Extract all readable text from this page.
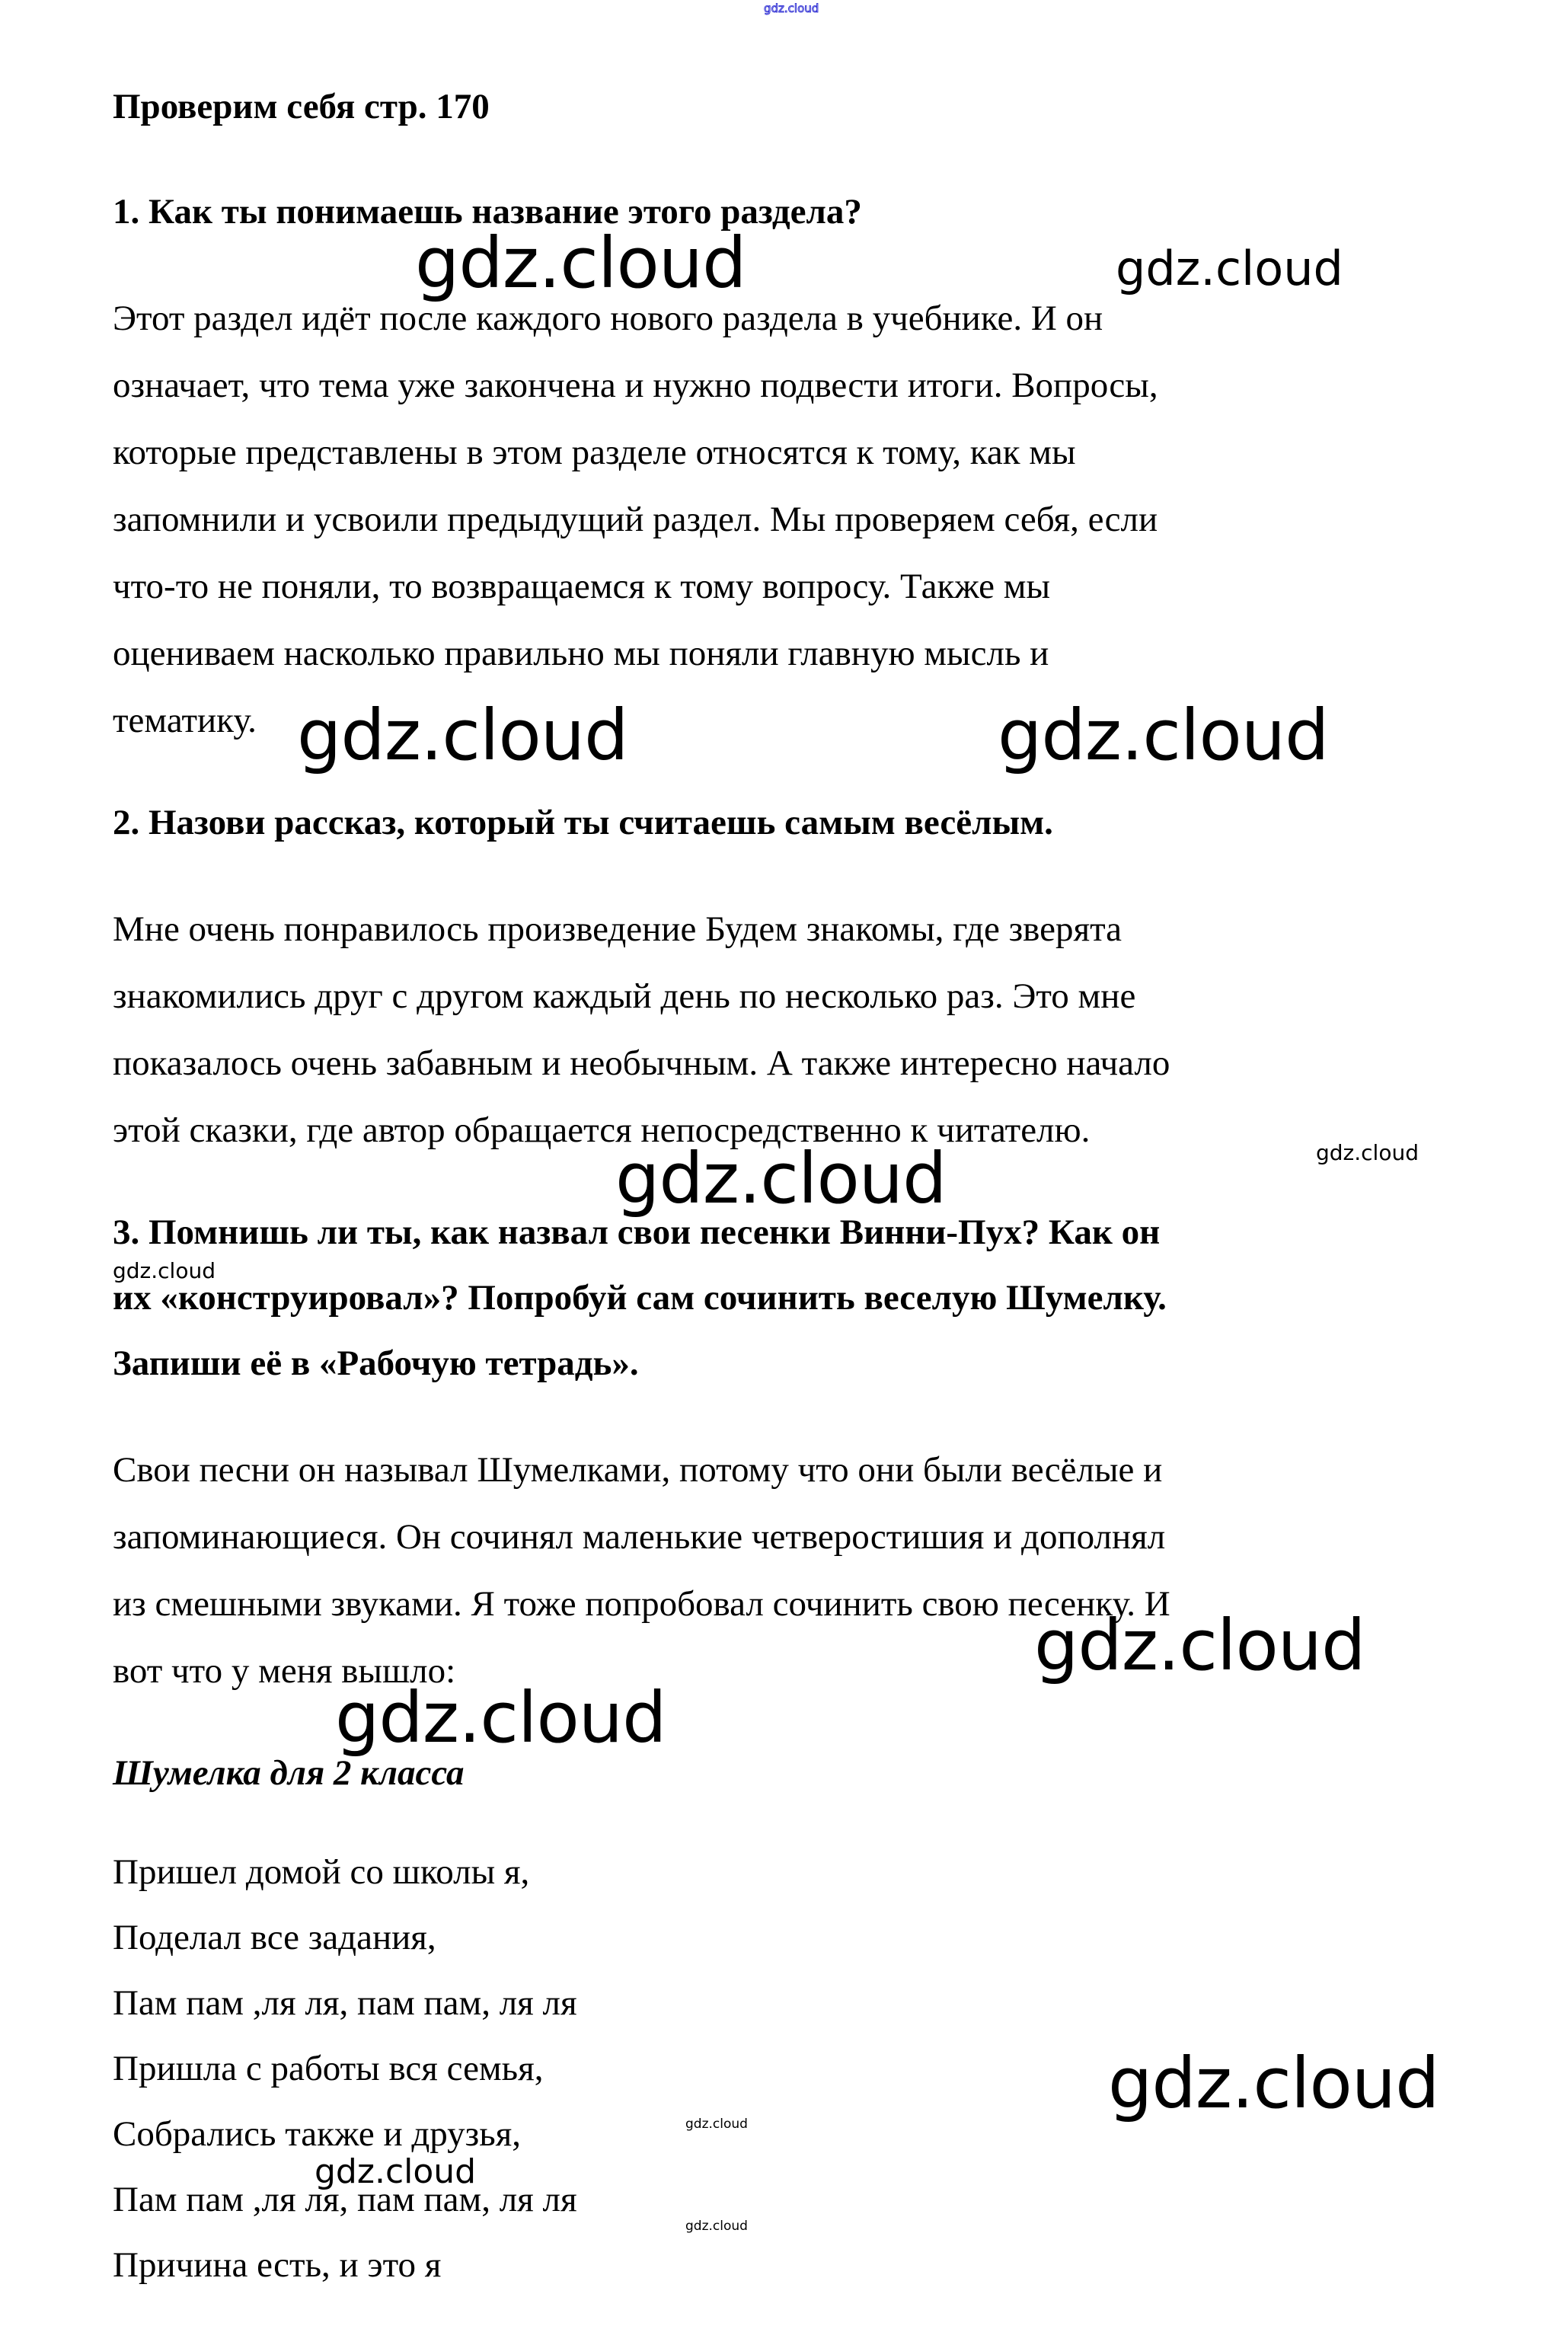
gdz.cloud
Проверим себя стр. 170
1. Как ты понимаешь название этого раздела?
Этот раздел идёт после каждого нового раздела в учебнике. И он
означает, что тема уже закончена и нужно подвести итоги. Вопросы,
которые представлены в этом разделе относятся к тому, как мы
запомнили и усвоили предыдущий раздел. Мы проверяем себя, если
что-то не поняли, то возвращаемся к тому вопросу. Также мы
оцениваем насколько правильно мы поняли главную мысль и
тематику.
2. Назови рассказ, который ты считаешь самым весёлым.
Мне очень понравилось произведение Будем знакомы, где зверята
знакомились друг с другом каждый день по несколько раз. Это мне
показалось очень забавным и необычным. А также интересно начало
этой сказки, где автор обращается непосредственно к читателю.
3. Помнишь ли ты, как назвал свои песенки Винни-Пух? Как он
их «конструировал»? Попробуй сам сочинить веселую Шумелку.
Запиши её в «Рабочую тетрадь».
Свои песни он называл Шумелками, потому что они были весёлые и
запоминающиеся. Он сочинял маленькие четверостишия и дополнял
из смешными звуками. Я тоже попробовал сочинить свою песенку. И
вот что у меня вышло:
Шумелка для 2 класса
Пришел домой со школы я,
Поделал все задания,
Пам пам ,ля ля, пам пам, ля ля
Пришла с работы вся семья,
Собрались также и друзья,
Пам пам ,ля ля, пам пам, ля ля
Причина есть, и это я
gdz.cloud	gdz.cloud
gdz.cloud	gdz.cloud
gdz.cloud
gdz.cloud
gdz.cloud
gdz.cloud
gdz.cloud
gdz.cloud
gdz.cloud
gdz.cloud
gdz.cloud
